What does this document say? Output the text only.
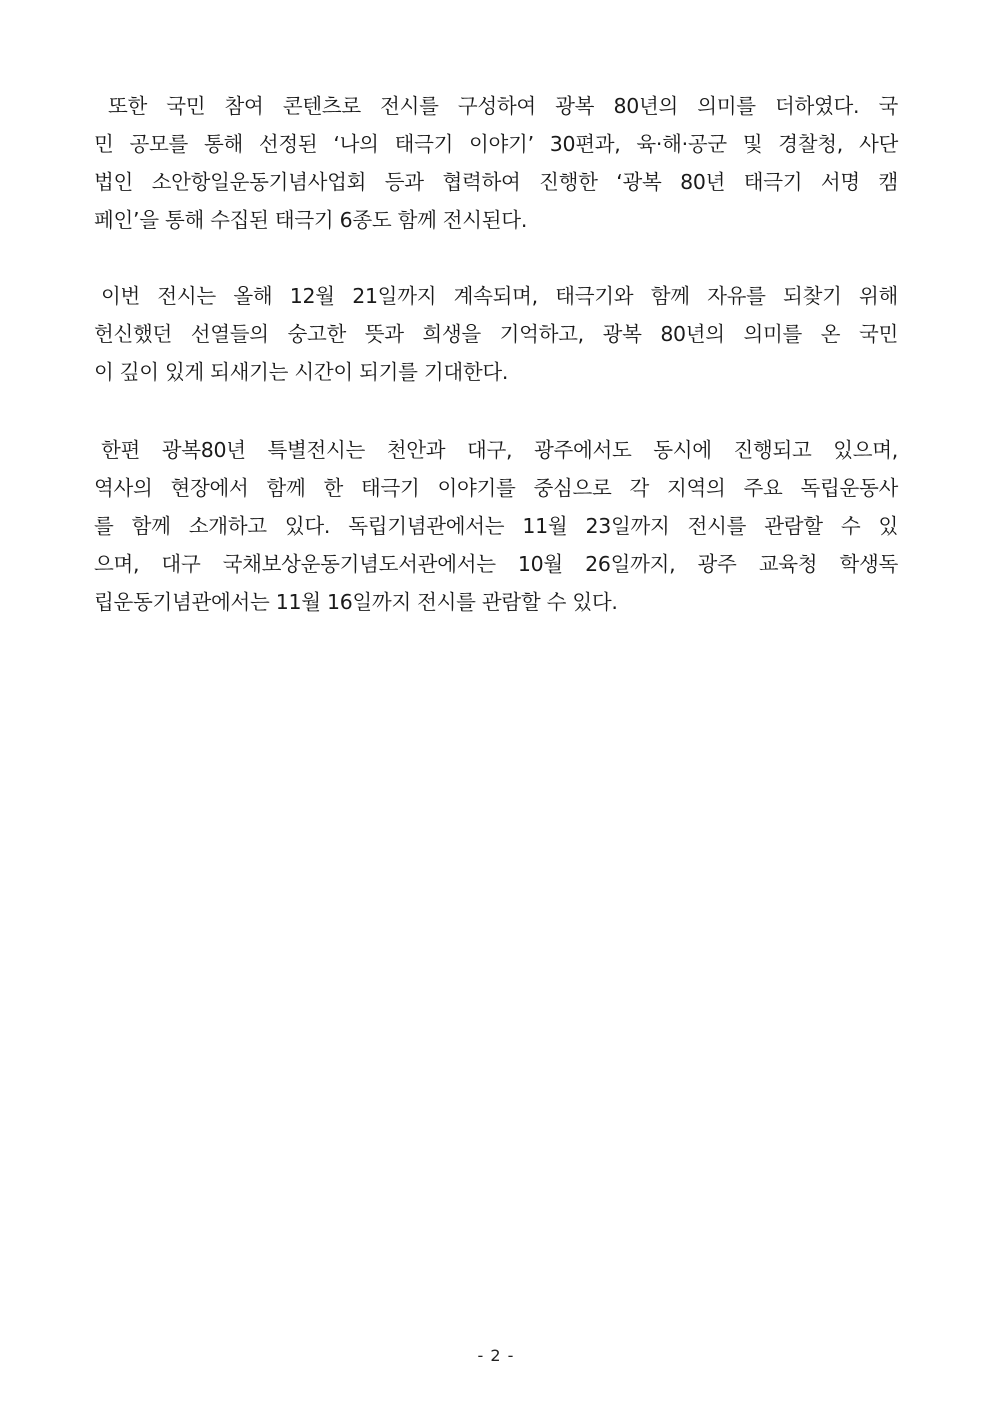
또한 국민 참여 콘텐츠로 전시를 구성하여 광복 80년의 의미를 더하였다. 국
민 공모를 통해 선정된 ‘나의 태극기 이야기’ 30편과, 육·해·공군 및 경찰청, 사단
법인 소안항일운동기념사업회 등과 협력하여 진행한 ‘광복 80년 태극기 서명 캠
페인’을 통해 수집된 태극기 6종도 함께 전시된다.
이번 전시는 올해 12월 21일까지 계속되며, 태극기와 함께 자유를 되찾기 위해
헌신했던 선열들의 숭고한 뜻과 희생을 기억하고, 광복 80년의 의미를 온 국민
이 깊이 있게 되새기는 시간이 되기를 기대한다.
한편 광복80년 특별전시는 천안과 대구, 광주에서도 동시에 진행되고 있으며,
역사의 현장에서 함께 한 태극기 이야기를 중심으로 각 지역의 주요 독립운동사
를 함께 소개하고 있다. 독립기념관에서는 11월 23일까지 전시를 관람할 수 있
으며, 대구 국채보상운동기념도서관에서는 10월 26일까지, 광주 교육청 학생독
립운동기념관에서는 11월 16일까지 전시를 관람할 수 있다.
- 2 -
